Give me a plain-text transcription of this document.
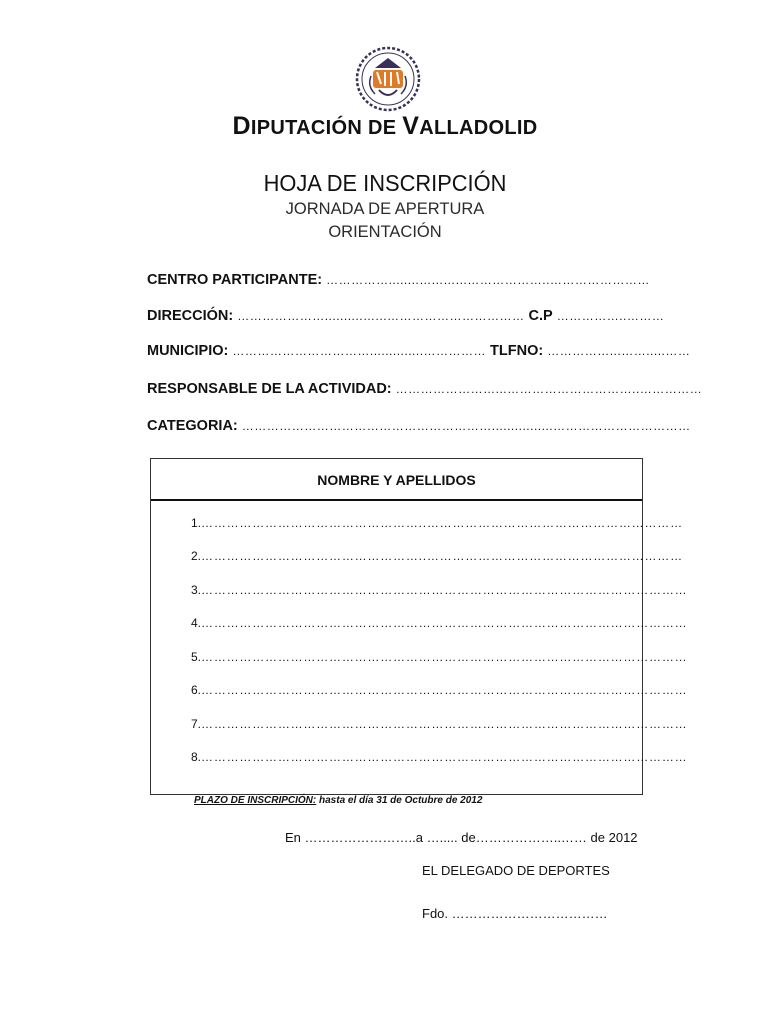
DIPUTACIÓN DE VALLADOLID
HOJA DE INSCRIPCIÓN
JORNADA DE APERTURA
ORIENTACIÓN
CENTRO PARTICIPANTE: ……………........…...…...………………..……………………
DIRECCIÓN: …………………..........…...…………………………… C.P ……………..………
MUNICIPIO: ……………………………..............…………… TLFNO: ……………...…….....……
RESPONSABLE DE LA ACTIVIDAD: ……………………...…………………………..……………
CATEGORIA: ……………………………………………………................……………………………
NOMBRE Y APELLIDOS
1. ……………………………………………..……………………………………………………
2. ……………………………………………..……………………………………………………
3. ……………………………………………………………………………………………………
4. ……………………………………………………………………………………………………
5. ……………………………………………………………………………………………………
6. ……………………………………………………………………………………………………
7. ……………………………………………………………………………………………………
8. ……………………………………………………………………………………………………
PLAZO DE INSCRIPCIÓN: hasta el día 31 de Octubre de 2012
En ……………………..a …..... de………………..…… de 2012
EL DELEGADO DE DEPORTES
Fdo. ………………………………
